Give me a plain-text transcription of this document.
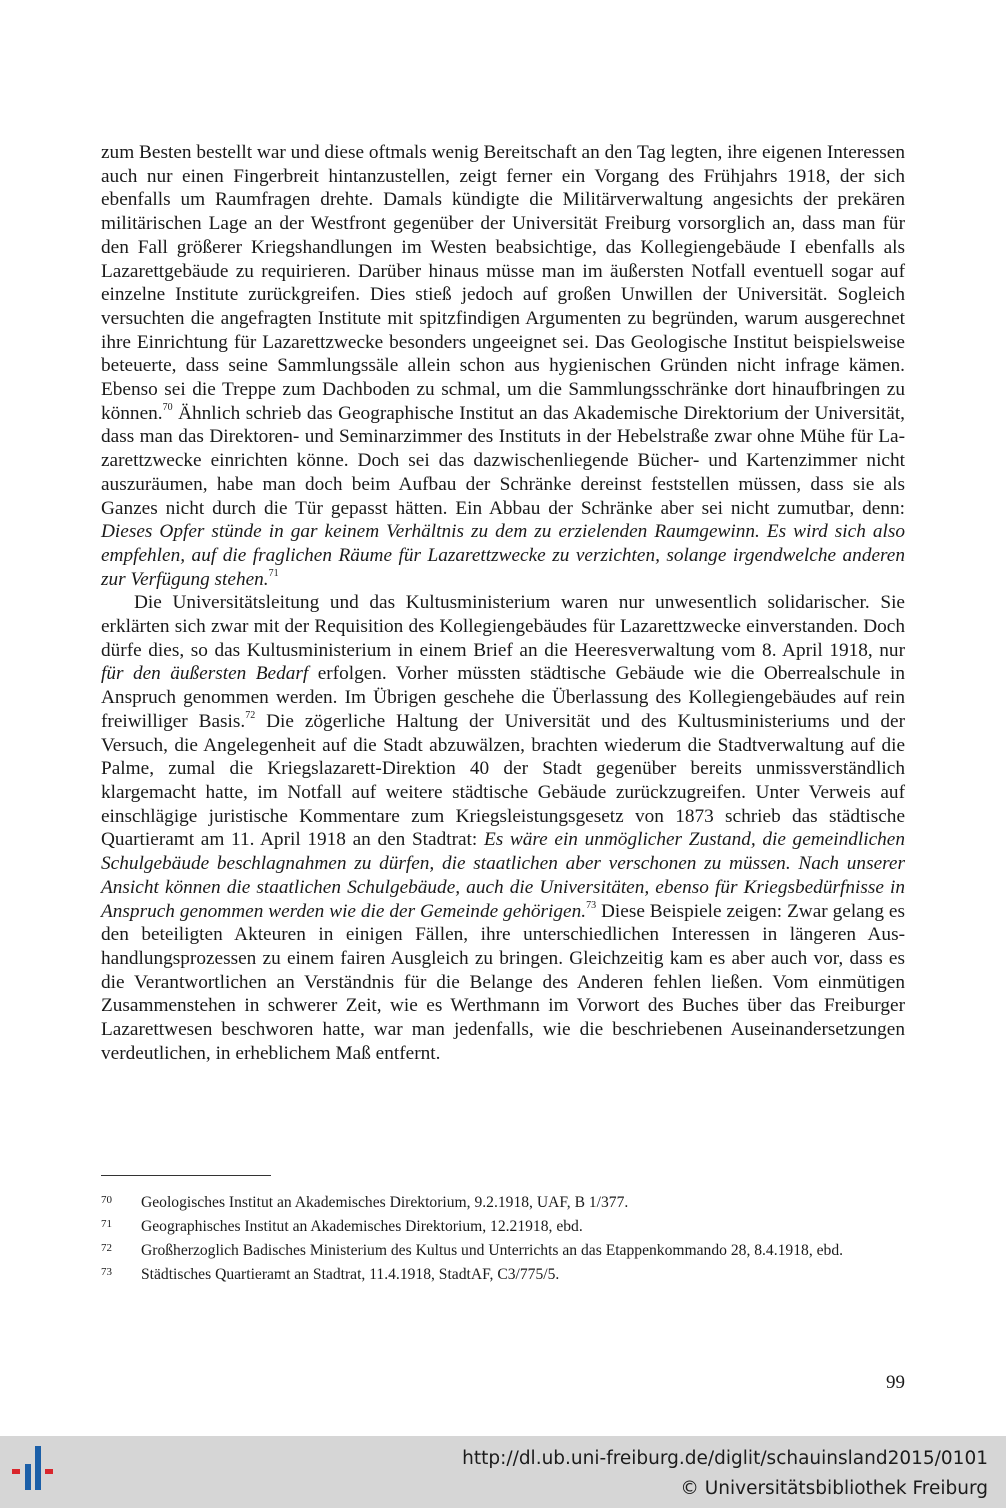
zum Besten bestellt war und diese oftmals wenig Bereitschaft an den Tag legten, ihre eigenen Interessen auch nur einen Fingerbreit hintanzustellen, zeigt ferner ein Vorgang des Frühjahrs 1918, der sich ebenfalls um Raumfragen drehte. Damals kündigte die Militärverwaltung angesichts der prekären militärischen Lage an der Westfront gegenüber der Universität Freiburg vorsorglich an, dass man für den Fall größerer Kriegshandlungen im Westen beabsichtige, das Kollegiengebäude I ebenfalls als Lazarettgebäude zu requirieren. Darüber hinaus müsse man im äußersten Notfall eventuell sogar auf einzelne Institute zurückgreifen. Dies stieß jedoch auf großen Unwillen der Universität. Sogleich versuchten die angefragten Institute mit spitzfindigen Argumenten zu begründen, warum ausgerechnet ihre Einrichtung für Lazarettzwecke besonders ungeeignet sei. Das Geologische Institut beispielsweise beteuerte, dass seine Sammlungssäle allein schon aus hygienischen Gründen nicht infrage kämen. Ebenso sei die Treppe zum Dachboden zu schmal, um die Sammlungsschränke dort hinaufbringen zu können.$^{70}$ Ähnlich schrieb das Geographische Institut an das Akademische Direktorium der Universität, dass man das Direktoren- und Seminarzimmer des Instituts in der Hebelstraße zwar ohne Mühe für Lazarettzwecke einrichten könne. Doch sei das dazwischenliegende Bücher- und Kartenzimmer nicht auszuräumen, habe man doch beim Aufbau der Schränke dereinst feststellen müssen, dass sie als Ganzes nicht durch die Tür gepasst hätten. Ein Abbau der Schränke aber sei nicht zumutbar, denn: Dieses Opfer stünde in gar keinem Verhältnis zu dem zu erzielenden Raumgewinn. Es wird sich also empfehlen, auf die fraglichen Räume für Lazarettzwecke zu verzichten, solange irgendwelche anderen zur Verfügung stehen.$^{71}$

Die Universitätsleitung und das Kultusministerium waren nur unwesentlich solidarischer. Sie erklärten sich zwar mit der Requisition des Kollegiengebäudes für Lazarettzwecke einverstanden. Doch dürfe dies, so das Kultusministerium in einem Brief an die Heeresverwaltung vom 8. April 1918, nur für den äußersten Bedarf erfolgen. Vorher müssten städtische Gebäude wie die Oberrealschule in Anspruch genommen werden. Im Übrigen geschehe die Überlassung des Kollegiengebäudes auf rein freiwilliger Basis.$^{72}$ Die zögerliche Haltung der Universität und des Kultusministeriums und der Versuch, die Angelegenheit auf die Stadt abzuwälzen, brachten wiederum die Stadtverwaltung auf die Palme, zumal die Kriegslazarett-Direktion 40 der Stadt gegenüber bereits unmissverständlich klargemacht hatte, im Notfall auf weitere städtische Gebäude zurückzugreifen. Unter Verweis auf einschlägige juristische Kommentare zum Kriegsleistungsgesetz von 1873 schrieb das städtische Quartieramt am 11. April 1918 an den Stadtrat: Es wäre ein unmöglicher Zustand, die gemeindlichen Schulgebäude beschlagnahmen zu dürfen, die staatlichen aber verschonen zu müssen. Nach unserer Ansicht können die staatlichen Schulgebäude, auch die Universitäten, ebenso für Kriegsbedürfnisse in Anspruch genommen werden wie die der Gemeinde gehörigen.$^{73}$ Diese Beispiele zeigen: Zwar gelang es den beteiligten Akteuren in einigen Fällen, ihre unterschiedlichen Interessen in längeren Aushandlungsprozessen zu einem fairen Ausgleich zu bringen. Gleichzeitig kam es aber auch vor, dass es die Verantwortlichen an Verständnis für die Belange des Anderen fehlen ließen. Vom einmütigen Zusammenstehen in schwerer Zeit, wie es Werthmann im Vorwort des Buches über das Freiburger Lazarettwesen beschworen hatte, war man jedenfalls, wie die beschriebenen Auseinandersetzungen verdeutlichen, in erheblichem Maß entfernt.

70 Geologisches Institut an Akademisches Direktorium, 9.2.1918, UAF, B 1/377.
71 Geographisches Institut an Akademisches Direktorium, 12.21918, ebd.
72 Großherzoglich Badisches Ministerium des Kultus und Unterrichts an das Etappenkommando 28, 8.4.1918, ebd.
73 Städtisches Quartieramt an Stadtrat, 11.4.1918, StadtAF, C3/775/5.
99
http://dl.ub.uni-freiburg.de/diglit/schauinsland2015/0101
© Universitätsbibliothek Freiburg
